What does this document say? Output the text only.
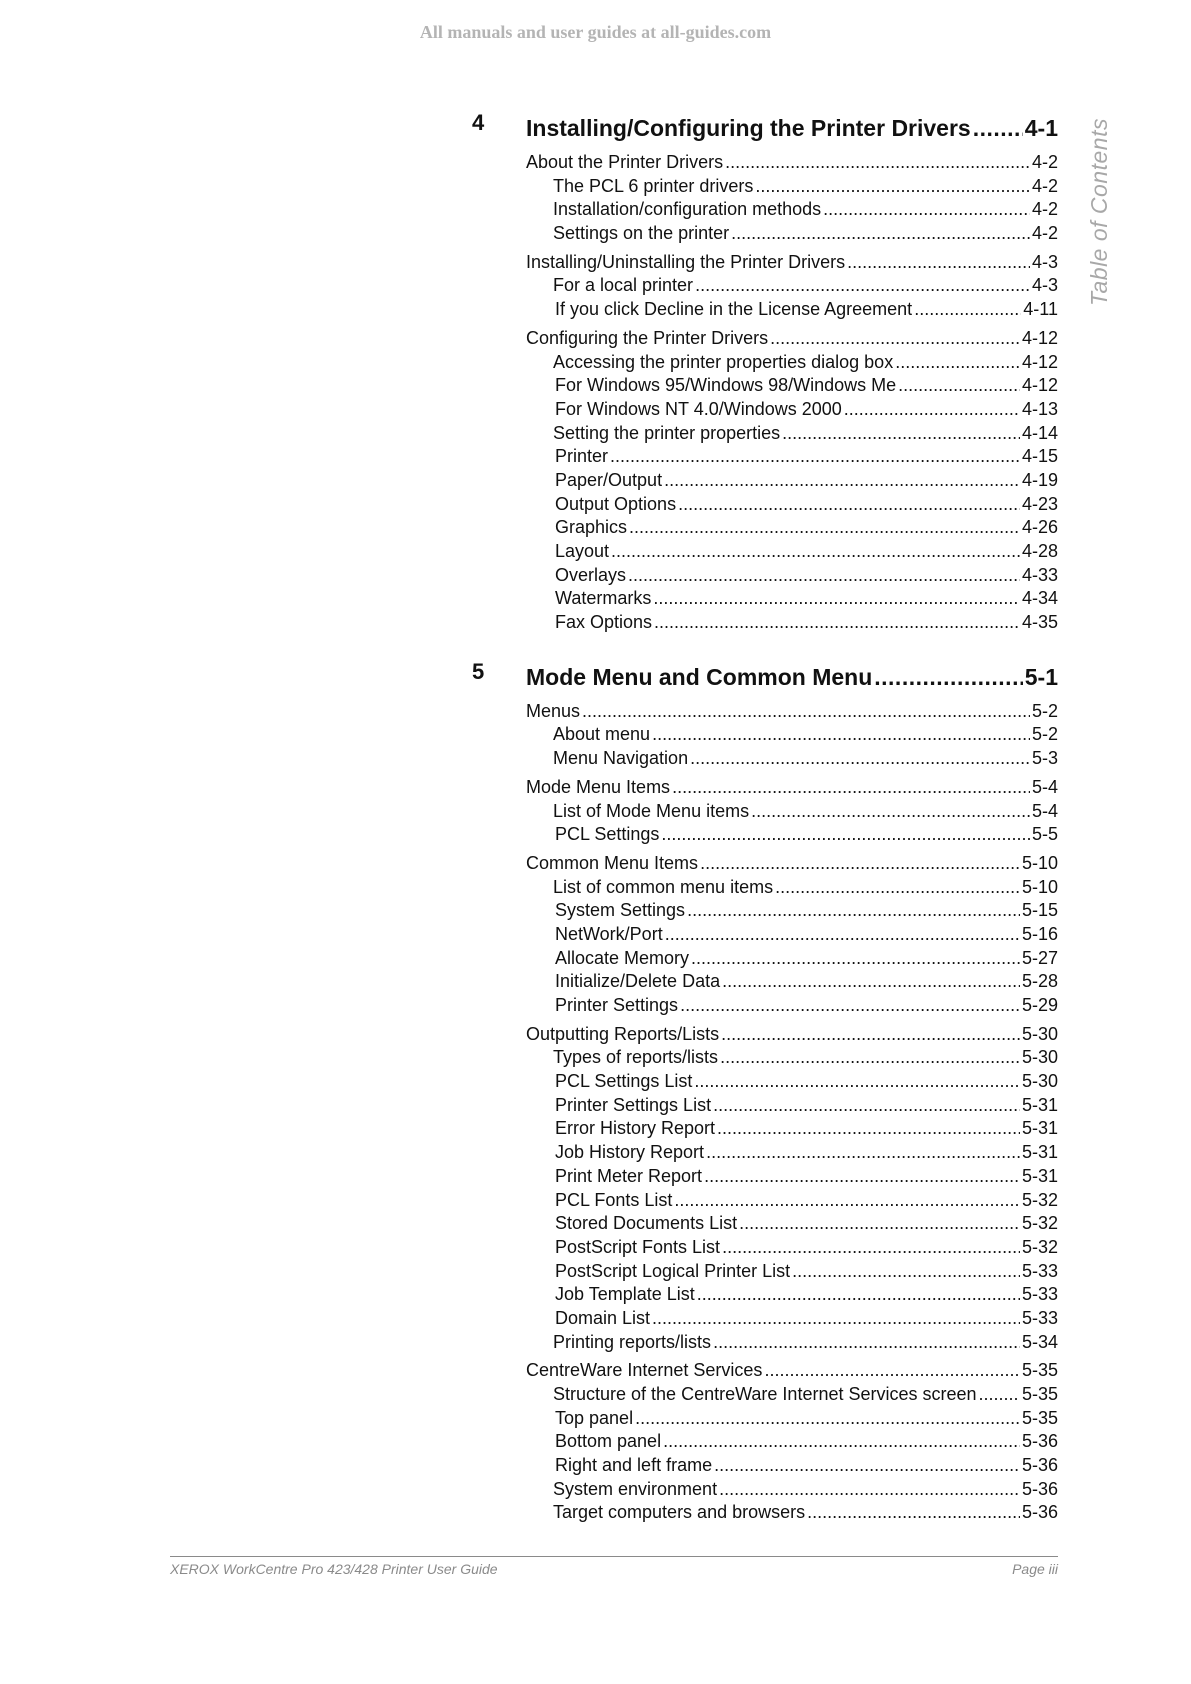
All manuals and user guides at all-guides.com
Table of Contents
4 Installing/Configuring the Printer Drivers ..... 4-1
About the Printer Drivers .....	4-2
The PCL 6 printer drivers .....	4-2
Installation/configuration methods .....	4-2
Settings on the printer .....	4-2
Installing/Uninstalling the Printer Drivers .....	4-3
For a local printer .....	4-3
If you click Decline in the License Agreement .....	4-11
Configuring the Printer Drivers .....	4-12
Accessing the printer properties dialog box .....	4-12
For Windows 95/Windows 98/Windows Me .....	4-12
For Windows NT 4.0/Windows 2000 .....	4-13
Setting the printer properties .....	4-14
Printer .....	4-15
Paper/Output .....	4-19
Output Options .....	4-23
Graphics .....	4-26
Layout .....	4-28
Overlays .....	4-33
Watermarks .....	4-34
Fax Options .....	4-35
5 Mode Menu and Common Menu .....	5-1
Menus .....	5-2
About menu .....	5-2
Menu Navigation .....	5-3
Mode Menu Items .....	5-4
List of Mode Menu items .....	5-4
PCL Settings .....	5-5
Common Menu Items .....	5-10
List of common menu items .....	5-10
System Settings .....	5-15
NetWork/Port .....	5-16
Allocate Memory .....	5-27
Initialize/Delete Data .....	5-28
Printer Settings .....	5-29
Outputting Reports/Lists .....	5-30
Types of reports/lists .....	5-30
PCL Settings List .....	5-30
Printer Settings List .....	5-31
Error History Report .....	5-31
Job History Report .....	5-31
Print Meter Report .....	5-31
PCL Fonts List .....	5-32
Stored Documents List .....	5-32
PostScript Fonts List .....	5-32
PostScript Logical Printer List .....	5-33
Job Template List .....	5-33
Domain List .....	5-33
Printing reports/lists .....	5-34
CentreWare Internet Services .....	5-35
Structure of the CentreWare Internet Services screen .....	5-35
Top panel .....	5-35
Bottom panel .....	5-36
Right and left frame .....	5-36
System environment .....	5-36
Target computers and browsers .....	5-36
XEROX WorkCentre Pro 423/428 Printer User Guide	Page iii
